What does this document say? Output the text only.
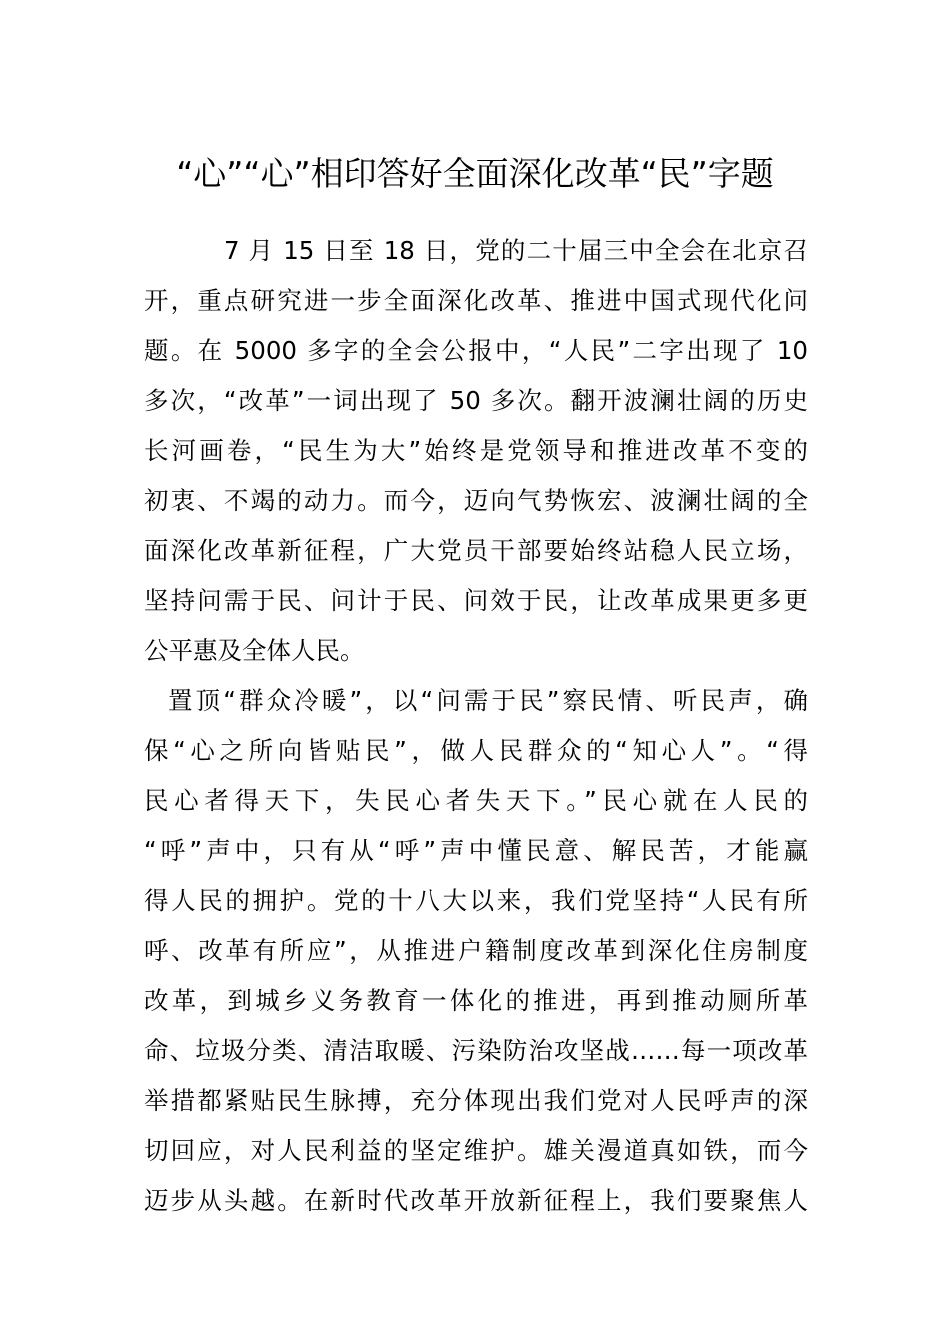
“心”“心”相印答好全面深化改革“民”字题
7 月 15 日至 18 日，党的二十届三中全会在北京召
开，重点研究进一步全面深化改革、推进中国式现代化问
题。在 5000 多字的全会公报中，“人民”二字出现了 10
多次，“改革”一词出现了 50 多次。翻开波澜壮阔的历史
长河画卷，“民生为大”始终是党领导和推进改革不变的
初衷、不竭的动力。而今，迈向气势恢宏、波澜壮阔的全
面深化改革新征程，广大党员干部要始终站稳人民立场，
坚持问需于民、问计于民、问效于民，让改革成果更多更
公平惠及全体人民。
置顶“群众冷暖”，以“问需于民”察民情、听民声，确
保“心之所向皆贴民”，做人民群众的“知心人”。“得
民心者得天下，失民心者失天下。”民心就在人民的
“呼”声中，只有从“呼”声中懂民意、解民苦，才能赢
得人民的拥护。党的十八大以来，我们党坚持“人民有所
呼、改革有所应”，从推进户籍制度改革到深化住房制度
改革，到城乡义务教育一体化的推进，再到推动厕所革
命、垃圾分类、清洁取暖、污染防治攻坚战……每一项改革
举措都紧贴民生脉搏，充分体现出我们党对人民呼声的深
切回应，对人民利益的坚定维护。雄关漫道真如铁，而今
迈步从头越。在新时代改革开放新征程上，我们要聚焦人
